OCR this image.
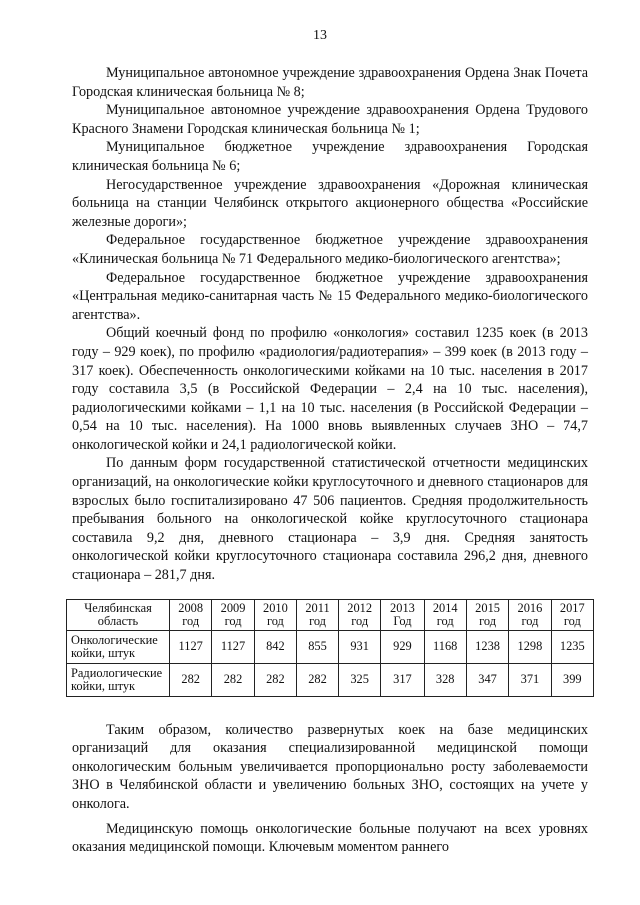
13

Муниципальное автономное учреждение здравоохранения Ордена Знак Почета Городская клиническая больница № 8;

Муниципальное автономное учреждение здравоохранения Ордена Трудового Красного Знамени Городская клиническая больница № 1;

Муниципальное бюджетное учреждение здравоохранения Городская клиническая больница № 6;

Негосударственное учреждение здравоохранения «Дорожная клиническая больница на станции Челябинск открытого акционерного общества «Российские железные дороги»;

Федеральное государственное бюджетное учреждение здравоохранения «Клиническая больница № 71 Федерального медико-биологического агентства»;

Федеральное государственное бюджетное учреждение здравоохранения «Центральная медико-санитарная часть № 15 Федерального медико-биологического агентства».

Общий коечный фонд по профилю «онкология» составил 1235 коек (в 2013 году – 929 коек), по профилю «радиология/радиотерапия» – 399 коек (в 2013 году – 317 коек). Обеспеченность онкологическими койками на 10 тыс. населения в 2017 году составила 3,5 (в Российской Федерации – 2,4 на 10 тыс. населения), радиологическими койками – 1,1 на 10 тыс. населения (в Российской Федерации – 0,54 на 10 тыс. населения). На 1000 вновь выявленных случаев ЗНО – 74,7 онкологической койки и 24,1 радиологической койки.

По данным форм государственной статистической отчетности медицинских организаций, на онкологические койки круглосуточного и дневного стационаров для взрослых было госпитализировано 47 506 пациентов. Средняя продолжительность пребывания больного на онкологической койке круглосуточного стационара составила 9,2 дня, дневного стационара – 3,9 дня. Средняя занятость онкологической койки круглосуточного стационара составила 296,2 дня, дневного стационара – 281,7 дня.

Челябинская область	2008 год	2009 год	2010 год	2011 год	2012 год	2013 Год	2014 год	2015 год	2016 год	2017 год
Онкологические койки, штук	1127	1127	842	855	931	929	1168	1238	1298	1235
Радиологические койки, штук	282	282	282	282	325	317	328	347	371	399

Таким образом, количество развернутых коек на базе медицинских организаций для оказания специализированной медицинской помощи онкологическим больным увеличивается пропорционально росту заболеваемости ЗНО в Челябинской области и увеличению больных ЗНО, состоящих на учете у онколога.

Медицинскую помощь онкологические больные получают на всех уровнях оказания медицинской помощи. Ключевым моментом раннего
